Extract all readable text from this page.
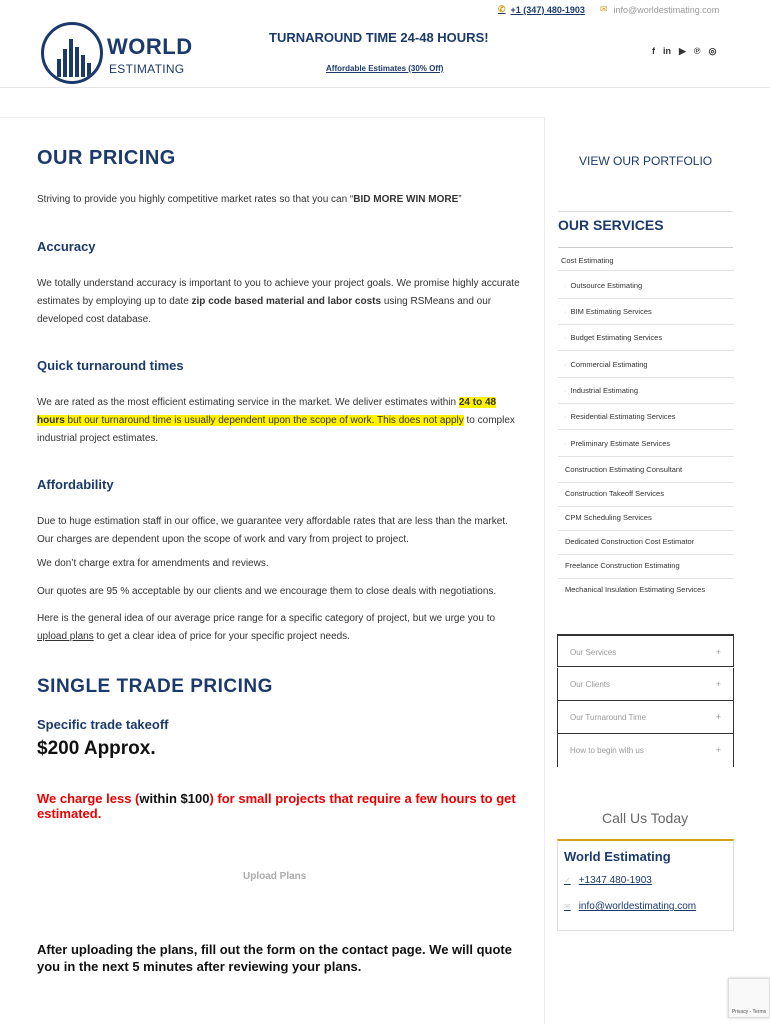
✆ +1 (347) 480-1903 ✉ info@worldestimating.com
WORLD
ESTIMATING
TURNAROUND TIME 24-48 HOURS!
Affordable Estimates (30% Off)
f in ▶ ℗ ◎
OUR PRICING
Striving to provide you highly competitive market rates so that you can “BID MORE WIN MORE”
Accuracy
We totally understand accuracy is important to you to achieve your project goals. We promise highly accurate estimates by employing up to date zip code based material and labor costs using RSMeans and our developed cost database.
Quick turnaround times
We are rated as the most efficient estimating service in the market. We deliver estimates within 24 to 48 hours but our turnaround time is usually dependent upon the scope of work. This does not apply to complex industrial project estimates.
Affordability
Due to huge estimation staff in our office, we guarantee very affordable rates that are less than the market. Our charges are dependent upon the scope of work and vary from project to project.
We don’t charge extra for amendments and reviews.
Our quotes are 95 % acceptable by our clients and we encourage them to close deals with negotiations.
Here is the general idea of our average price range for a specific category of project, but we urge you to upload plans to get a clear idea of price for your specific project needs.
SINGLE TRADE PRICING
Specific trade takeoff
$200 Approx.
We charge less (within $100) for small projects that require a few hours to get estimated.
Upload Plans
After uploading the plans, fill out the form on the contact page. We will quote you in the next 5 minutes after reviewing your plans.
VIEW OUR PORTFOLIO
OUR SERVICES
Cost Estimating
· Outsource Estimating
· BIM Estimating Services
· Budget Estimating Services
· Commercial Estimating
· Industrial Estimating
· Residential Estimating Services
· Preliminary Estimate Services
Construction Estimating Consultant
Construction Takeoff Services
CPM Scheduling Services
Dedicated Construction Cost Estimator
Freelance Construction Estimating
Mechanical Insulation Estimating Services
Our Services	+
Our Clients	+
Our Turnaround Time	+
How to begin with us	+
Call Us Today
World Estimating
✓ +1347 480-1903
✉ info@worldestimating.com
Privacy - Terms
